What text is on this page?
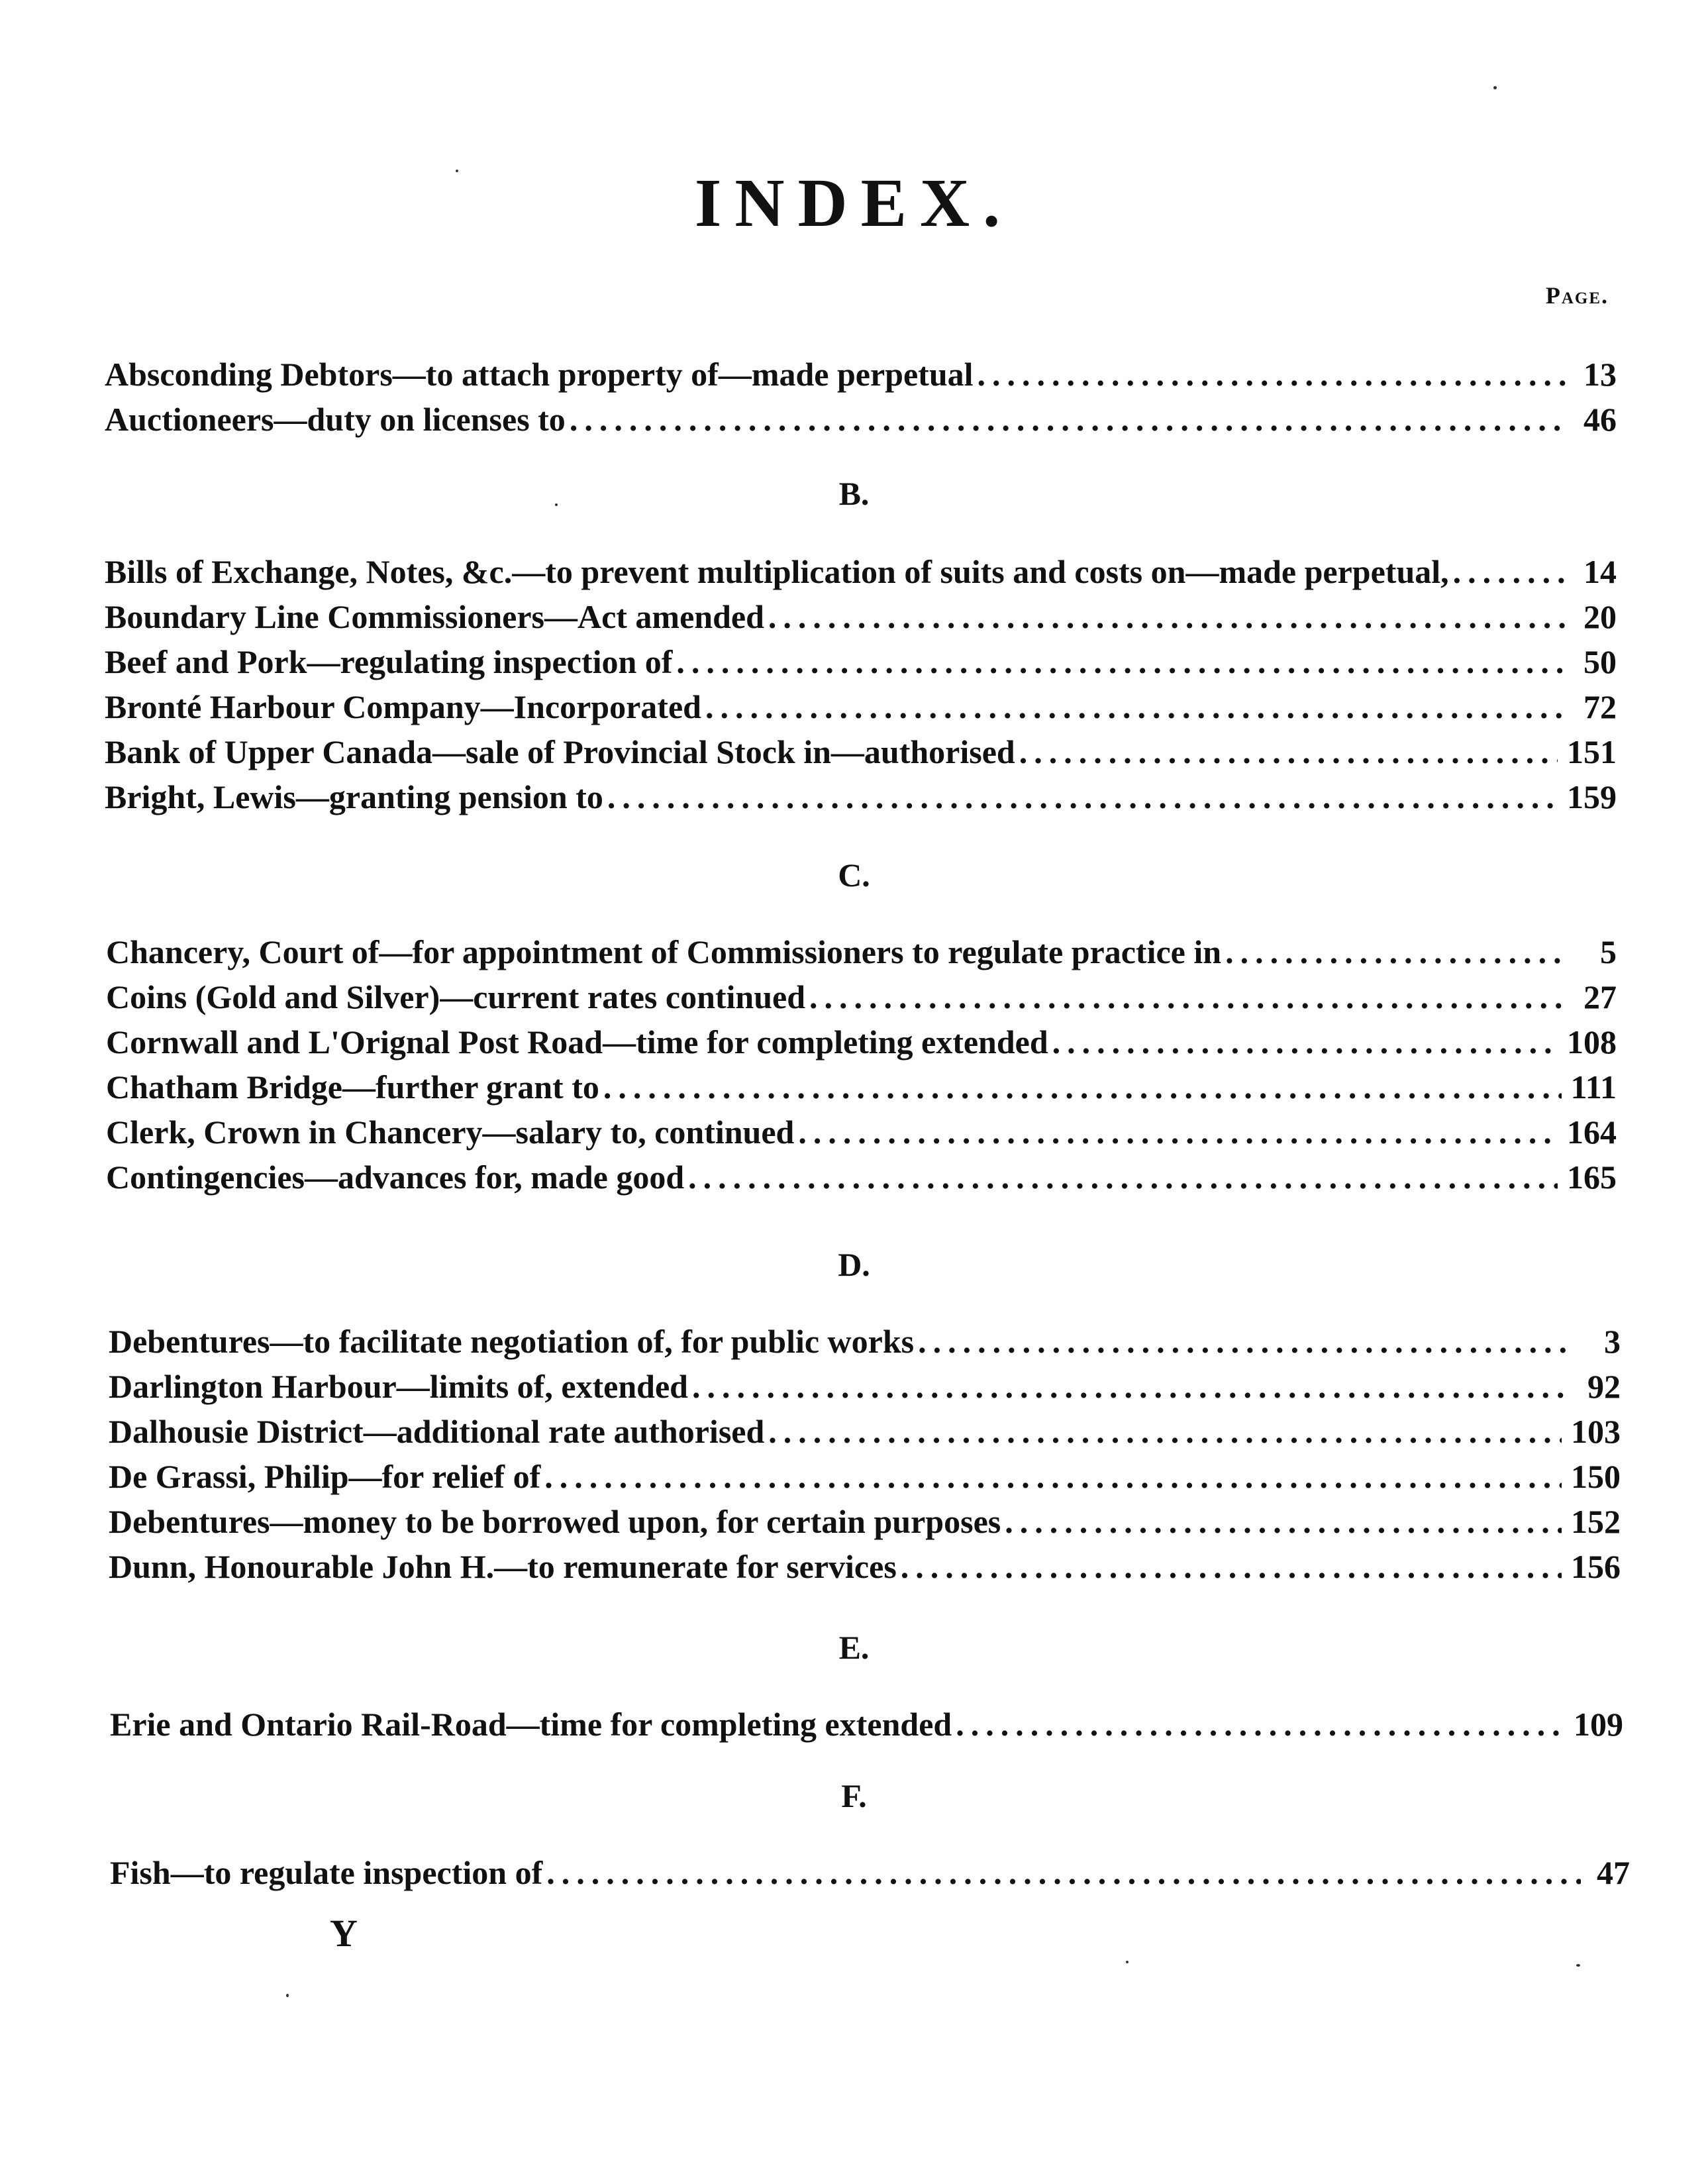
INDEX.
Page.
Absconding Debtors—to attach property of—made perpetual .....	13
Auctioneers—duty on licenses to .....	46
B.
Bills of Exchange, Notes, &c.—to prevent multiplication of suits and costs on—made perpetual, .....	14
Boundary Line Commissioners—Act amended .....	20
Beef and Pork—regulating inspection of .....	50
Bronté Harbour Company—Incorporated .....	72
Bank of Upper Canada—sale of Provincial Stock in—authorised .....	151
Bright, Lewis—granting pension to .....	159
C.
Chancery, Court of—for appointment of Commissioners to regulate practice in .....	5
Coins (Gold and Silver)—current rates continued .....	27
Cornwall and L'Orignal Post Road—time for completing extended .....	108
Chatham Bridge—further grant to .....	111
Clerk, Crown in Chancery—salary to, continued .....	164
Contingencies—advances for, made good .....	165
D.
Debentures—to facilitate negotiation of, for public works .....	3
Darlington Harbour—limits of, extended .....	92
Dalhousie District—additional rate authorised .....	103
De Grassi, Philip—for relief of .....	150
Debentures—money to be borrowed upon, for certain purposes .....	152
Dunn, Honourable John H.—to remunerate for services .....	156
E.
Erie and Ontario Rail-Road—time for completing extended .....	109
F.
Fish—to regulate inspection of .....	47
Y
